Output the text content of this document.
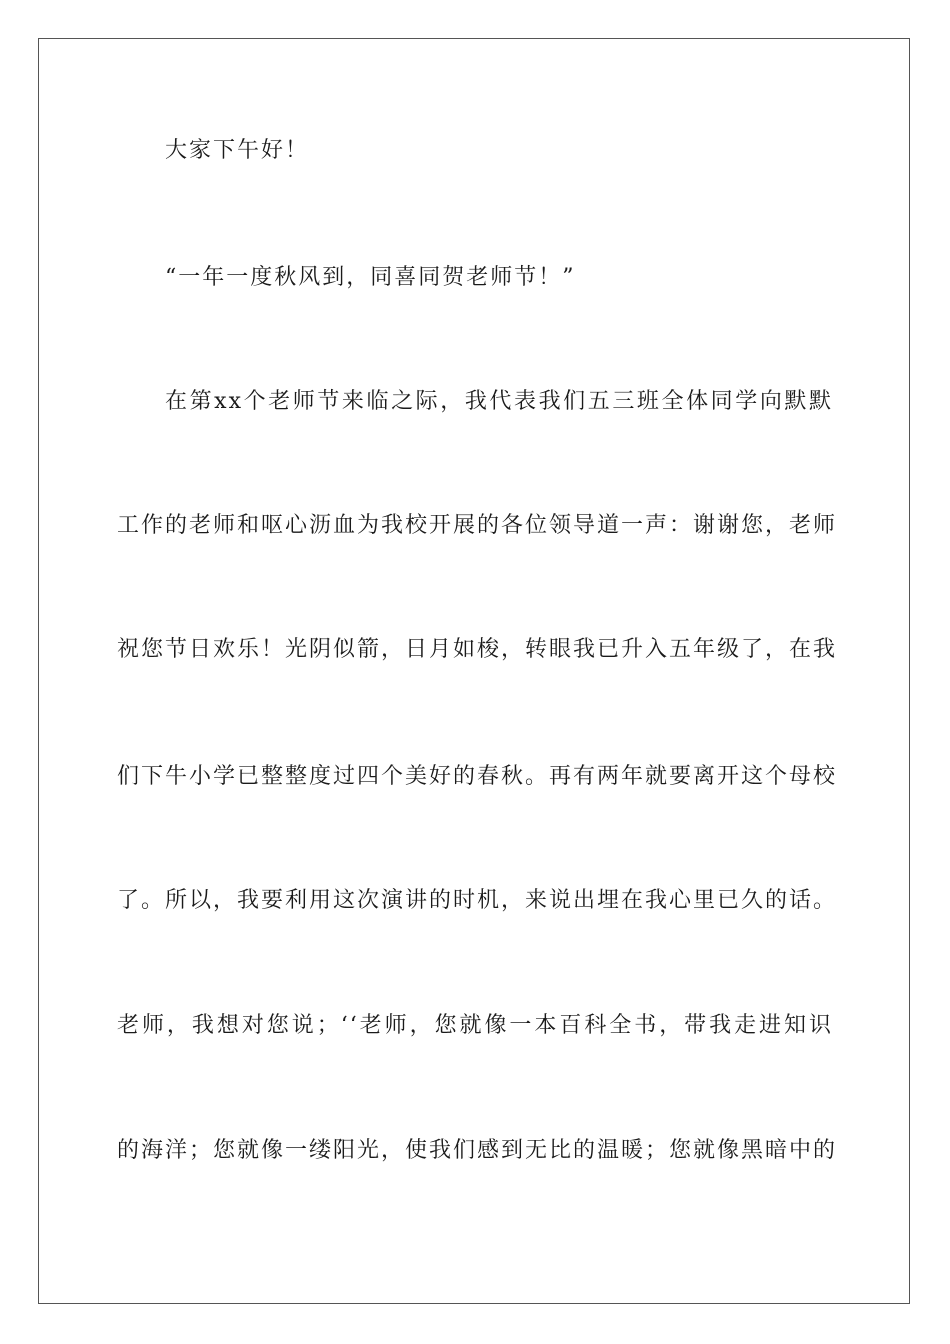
大家下午好！
“一年一度秋风到，同喜同贺老师节！”
在第xx个老师节来临之际，我代表我们五三班全体同学向默默
工作的老师和呕心沥血为我校开展的各位领导道一声：谢谢您，老师
祝您节日欢乐！光阴似箭，日月如梭，转眼我已升入五年级了，在我
们下牛小学已整整度过四个美好的春秋。再有两年就要离开这个母校
了。所以，我要利用这次演讲的时机，来说出埋在我心里已久的话。
老师，我想对您说；‘‘老师，您就像一本百科全书，带我走进知识
的海洋；您就像一缕阳光，使我们感到无比的温暖；您就像黑暗中的
